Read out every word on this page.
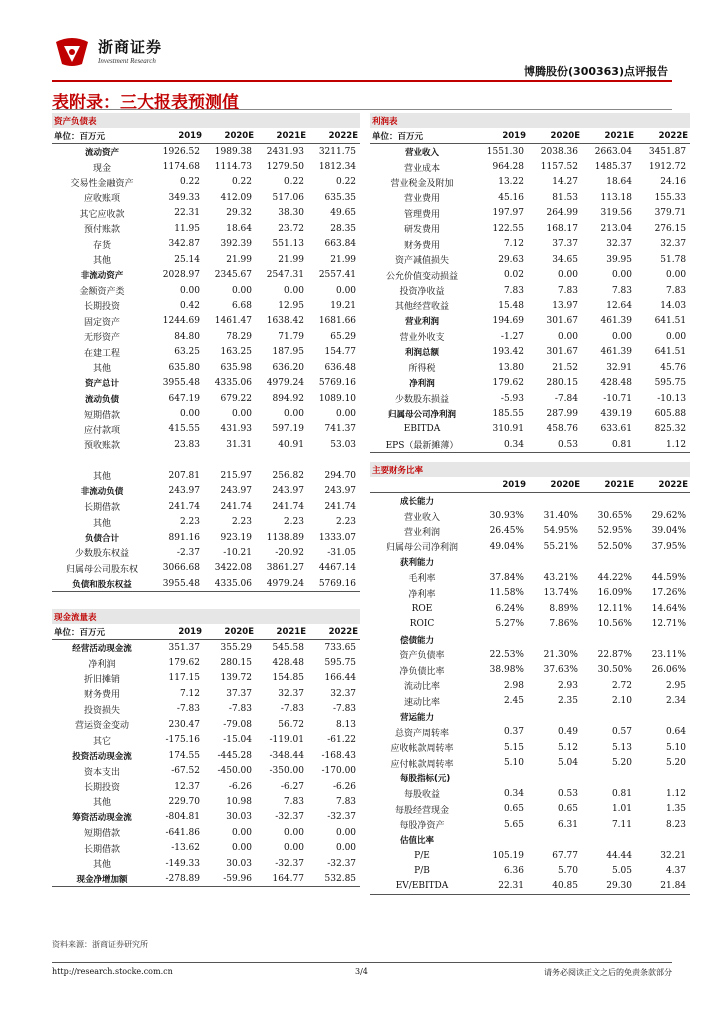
浙商证券
Investment Research
博腾股份(300363)点评报告
表附录：三大报表预测值
资产负债表				
单位：百万元	2019	2020E	2021E	2022E
流动资产	1926.52	1989.38	2431.93	3211.75
现金	1174.68	1114.73	1279.50	1812.34
交易性金融资产	0.22	0.22	0.22	0.22
应收账项	349.33	412.09	517.06	635.35
其它应收款	22.31	29.32	38.30	49.65
预付账款	11.95	18.64	23.72	28.35
存货	342.87	392.39	551.13	663.84
其他	25.14	21.99	21.99	21.99
非流动资产	2028.97	2345.67	2547.31	2557.41
金额资产类	0.00	0.00	0.00	0.00
长期投资	0.42	6.68	12.95	19.21
固定资产	1244.69	1461.47	1638.42	1681.66
无形资产	84.80	78.29	71.79	65.29
在建工程	63.25	163.25	187.95	154.77
其他	635.80	635.98	636.20	636.48
资产总计	3955.48	4335.06	4979.24	5769.16
流动负债	647.19	679.22	894.92	1089.10
短期借款	0.00	0.00	0.00	0.00
应付款项	415.55	431.93	597.19	741.37
预收账款	23.83	31.31	40.91	53.03

其他	207.81	215.97	256.82	294.70
非流动负债	243.97	243.97	243.97	243.97
长期借款	241.74	241.74	241.74	241.74
其他	2.23	2.23	2.23	2.23
负债合计	891.16	923.19	1138.89	1333.07
少数股东权益	-2.37	-10.21	-20.92	-31.05
归属母公司股东权	3066.68	3422.08	3861.27	4467.14
负债和股东权益	3955.48	4335.06	4979.24	5769.16
现金流量表				
单位：百万元	2019	2020E	2021E	2022E
经营活动现金流	351.37	355.29	545.58	733.65
净利润	179.62	280.15	428.48	595.75
折旧摊销	117.15	139.72	154.85	166.44
财务费用	7.12	37.37	32.37	32.37
投资损失	-7.83	-7.83	-7.83	-7.83
营运资金变动	230.47	-79.08	56.72	8.13
其它	-175.16	-15.04	-119.01	-61.22
投资活动现金流	174.55	-445.28	-348.44	-168.43
资本支出	-67.52	-450.00	-350.00	-170.00
长期投资	12.37	-6.26	-6.27	-6.26
其他	229.70	10.98	7.83	7.83
筹资活动现金流	-804.81	30.03	-32.37	-32.37
短期借款	-641.86	0.00	0.00	0.00
长期借款	-13.62	0.00	0.00	0.00
其他	-149.33	30.03	-32.37	-32.37
现金净增加额	-278.89	-59.96	164.77	532.85
利润表				
单位：百万元	2019	2020E	2021E	2022E
营业收入	1551.30	2038.36	2663.04	3451.87
营业成本	964.28	1157.52	1485.37	1912.72
营业税金及附加	13.22	14.27	18.64	24.16
营业费用	45.16	81.53	113.18	155.33
管理费用	197.97	264.99	319.56	379.71
研发费用	122.55	168.17	213.04	276.15
财务费用	7.12	37.37	32.37	32.37
资产减值损失	29.63	34.65	39.95	51.78
公允价值变动损益	0.02	0.00	0.00	0.00
投资净收益	7.83	7.83	7.83	7.83
其他经营收益	15.48	13.97	12.64	14.03
营业利润	194.69	301.67	461.39	641.51
营业外收支	-1.27	0.00	0.00	0.00
利润总额	193.42	301.67	461.39	641.51
所得税	13.80	21.52	32.91	45.76
净利润	179.62	280.15	428.48	595.75
少数股东损益	-5.93	-7.84	-10.71	-10.13
归属母公司净利润	185.55	287.99	439.19	605.88
EBITDA	310.91	458.76	633.61	825.32
EPS（最新摊薄）	0.34	0.53	0.81	1.12
主要财务比率				
	2019	2020E	2021E	2022E
成长能力				
营业收入	30.93%	31.40%	30.65%	29.62%
营业利润	26.45%	54.95%	52.95%	39.04%
归属母公司净利润	49.04%	55.21%	52.50%	37.95%
获利能力				
毛利率	37.84%	43.21%	44.22%	44.59%
净利率	11.58%	13.74%	16.09%	17.26%
ROE	6.24%	8.89%	12.11%	14.64%
ROIC	5.27%	7.86%	10.56%	12.71%
偿债能力				
资产负债率	22.53%	21.30%	22.87%	23.11%
净负债比率	38.98%	37.63%	30.50%	26.06%
流动比率	2.98	2.93	2.72	2.95
速动比率	2.45	2.35	2.10	2.34
营运能力				
总资产周转率	0.37	0.49	0.57	0.64
应收帐款周转率	5.15	5.12	5.13	5.10
应付帐款周转率	5.10	5.04	5.20	5.20
每股指标(元)				
每股收益	0.34	0.53	0.81	1.12
每股经营现金	0.65	0.65	1.01	1.35
每股净资产	5.65	6.31	7.11	8.23
估值比率				
P/E	105.19	67.77	44.44	32.21
P/B	6.36	5.70	5.05	4.37
EV/EBITDA	22.31	40.85	29.30	21.84
资料来源：浙商证券研究所
http://research.stocke.com.cn	3/4	请务必阅读正文之后的免责条款部分
